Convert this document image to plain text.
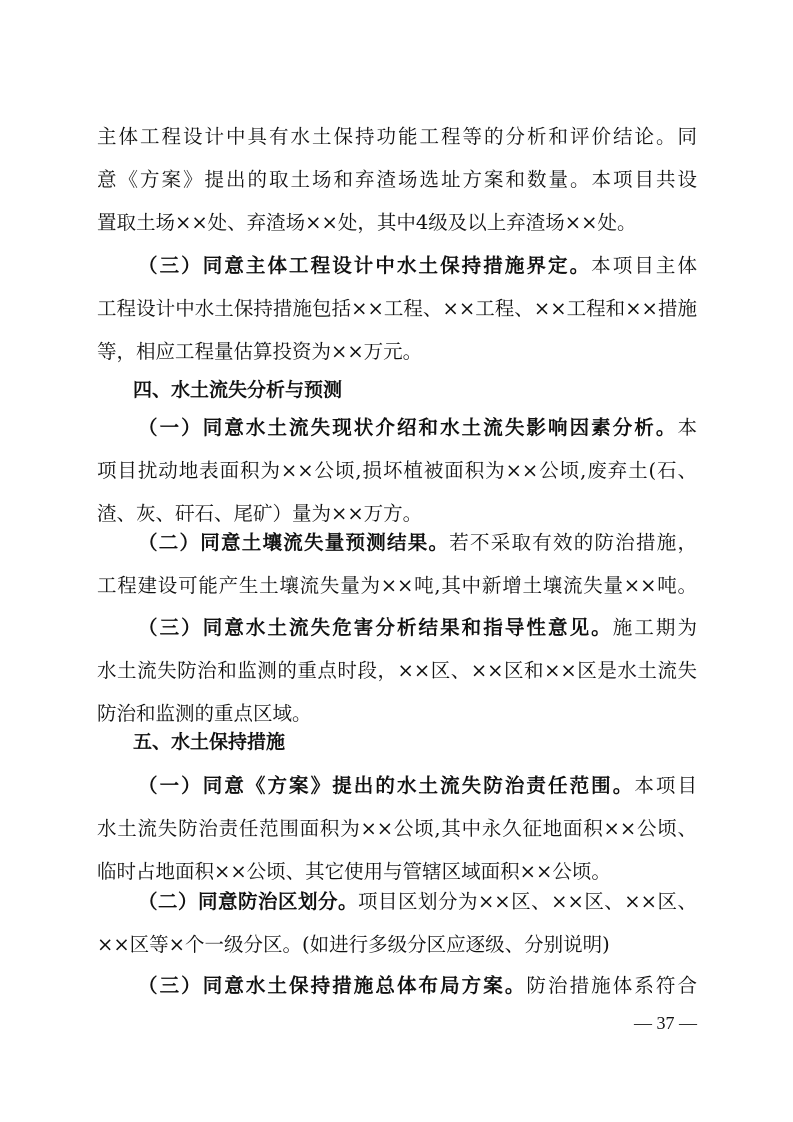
主体工程设计中具有水土保持功能工程等的分析和评价结论。同
意《方案》提出的取土场和弃渣场选址方案和数量。本项目共设
置取土场××处、弃渣场××处，其中4级及以上弃渣场××处。
（三）同意主体工程设计中水土保持措施界定。本项目主体
工程设计中水土保持措施包括××工程、××工程、××工程和××措施
等，相应工程量估算投资为××万元。
四、水土流失分析与预测
（一）同意水土流失现状介绍和水土流失影响因素分析。本
项目扰动地表面积为××公顷,损坏植被面积为××公顷,废弃土(石、
渣、灰、矸石、尾矿）量为××万方。
（二）同意土壤流失量预测结果。若不采取有效的防治措施，
工程建设可能产生土壤流失量为××吨,其中新增土壤流失量××吨。
（三）同意水土流失危害分析结果和指导性意见。施工期为
水土流失防治和监测的重点时段，××区、××区和××区是水土流失
防治和监测的重点区域。
五、水土保持措施
（一）同意《方案》提出的水土流失防治责任范围。本项目
水土流失防治责任范围面积为××公顷,其中永久征地面积××公顷、
临时占地面积××公顷、其它使用与管辖区域面积××公顷。
（二）同意防治区划分。项目区划分为××区、××区、××区、
××区等×个一级分区。(如进行多级分区应逐级、分别说明)
（三）同意水土保持措施总体布局方案。防治措施体系符合
— 37 —
